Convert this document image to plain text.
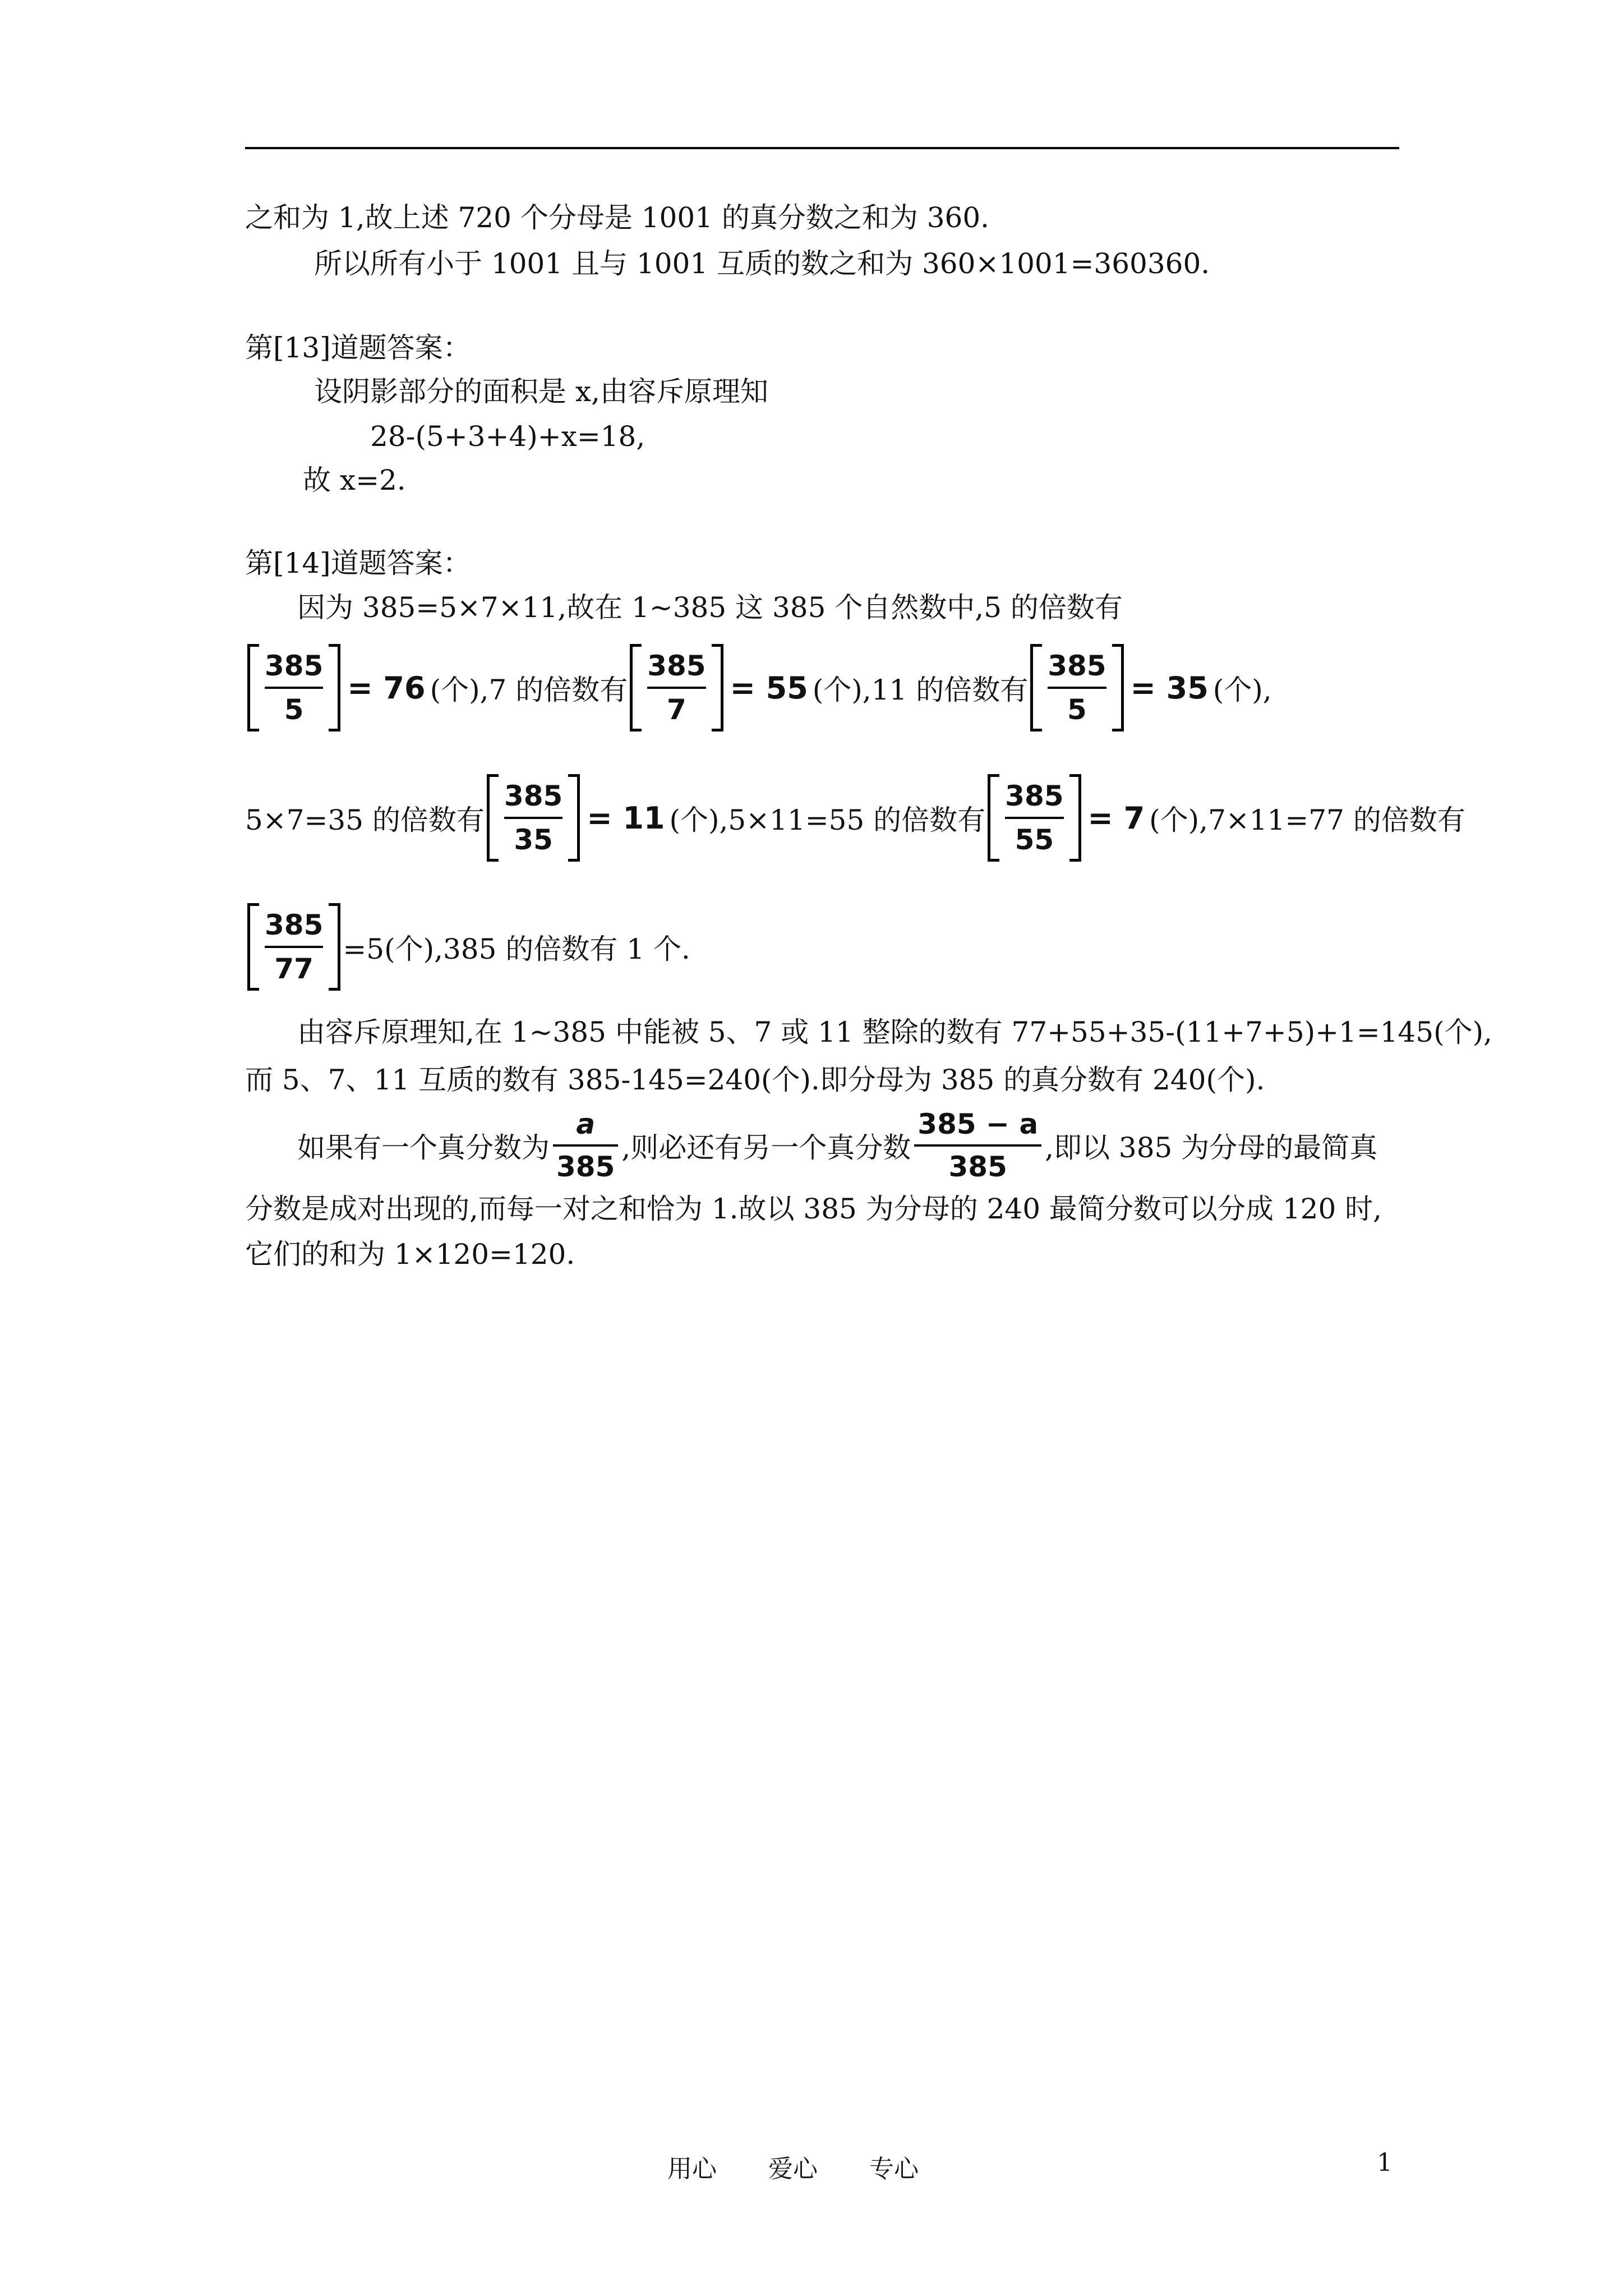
之和为 1,故上述 720 个分母是 1001 的真分数之和为 360.
所以所有小于 1001 且与 1001 互质的数之和为 360×1001=360360.
第[13]道题答案：
设阴影部分的面积是 x,由容斥原理知
28-(5+3+4)+x=18,
故 x=2.
第[14]道题答案：
因为 385=5×7×11,故在 1~385 这 385 个自然数中,5 的倍数有
$\frac{385}{5} = 76$ (个),7 的倍数有 $\frac{385}{7} = 55$ (个),11 的倍数有 $\frac{385}{5} = 35$ (个),
5×7=35 的倍数有 $\frac{385}{35} = 11$ (个),5×11=55 的倍数有 $\frac{385}{55} = 7$ (个),7×11=77 的倍数有
$\frac{385}{77} =5$(个),385 的倍数有 1 个.
由容斥原理知,在 1~385 中能被 5、7 或 11 整除的数有 77+55+35-(11+7+5)+1=145(个),
而 5、7、11 互质的数有 385-145=240(个).即分母为 385 的真分数有 240(个).
如果有一个真分数为 $\frac{a}{385}$ ,则必还有另一个真分数 $\frac{385 - a}{385}$ ,即以 385 为分母的最简真
分数是成对出现的,而每一对之和恰为 1.故以 385 为分母的 240 最简分数可以分成 120 时,
它们的和为 1×120=120.
用心 爱心 专心	1
